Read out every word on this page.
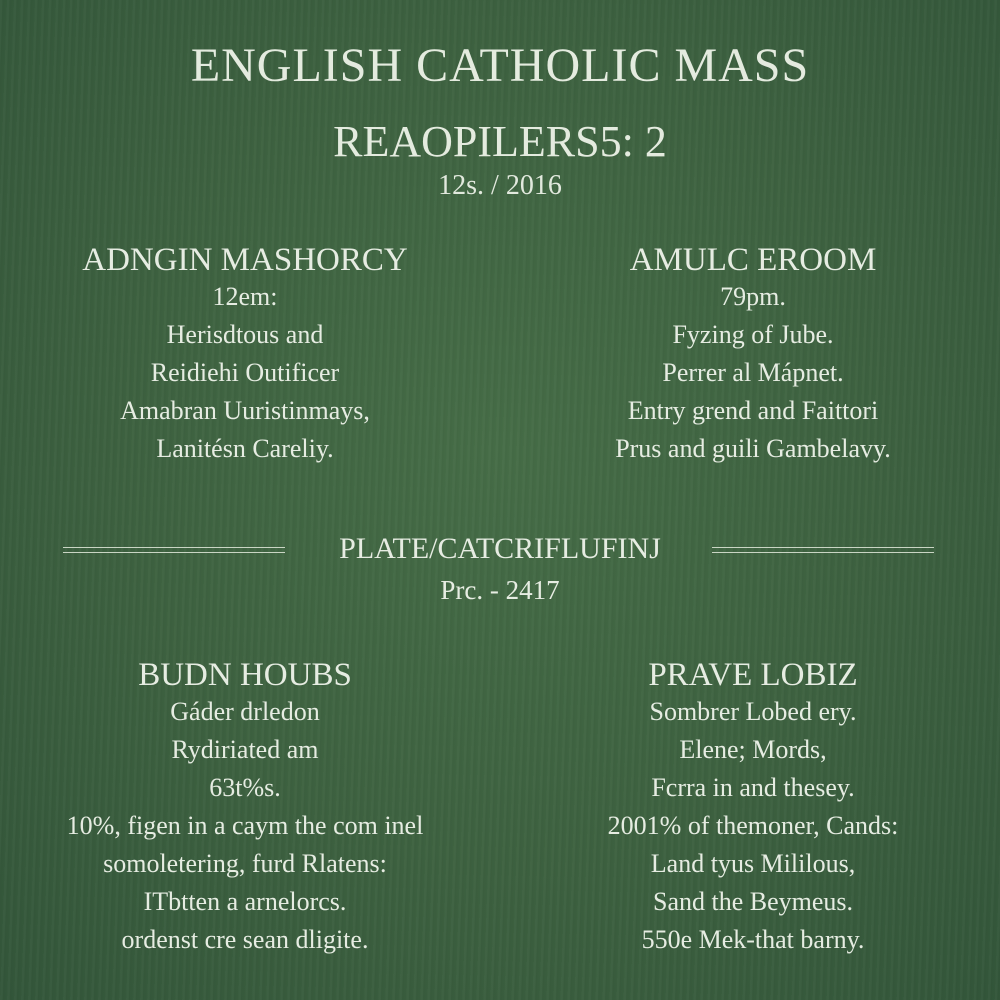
ENGLISH CATHOLIC MASS
REAOPILERS5: 2
12s. / 2016
ADNGIN MASHORCY
12em:
Herisdtous and
Reidiehi Outificer
Amabran Uuristinmays,
Lanitésn Careliy.
AMULC EROOM
79pm.
Fyzing of Jube.
Perrer al Mápnet.
Entry grend and Faittori
Prus and guili Gambelavy.
PLATE/CATCRIFLUFINJ
Prc. - 2417
BUDN HOUBS
Gáder drledon
Rydiriated am
63t%s.
10%, figen in a caym the com inel
somoletering, furd Rlatens:
ITbtten a arnelorcs.
ordenst cre sean dligite.
PRAVE LOBIZ
Sombrer Lobed ery.
Elene; Mords,
Fcrra in and thesey.
2001% of themoner, Cands:
Land tyus Mililous,
Sand the Beymeus.
550e Mek-that barny.
